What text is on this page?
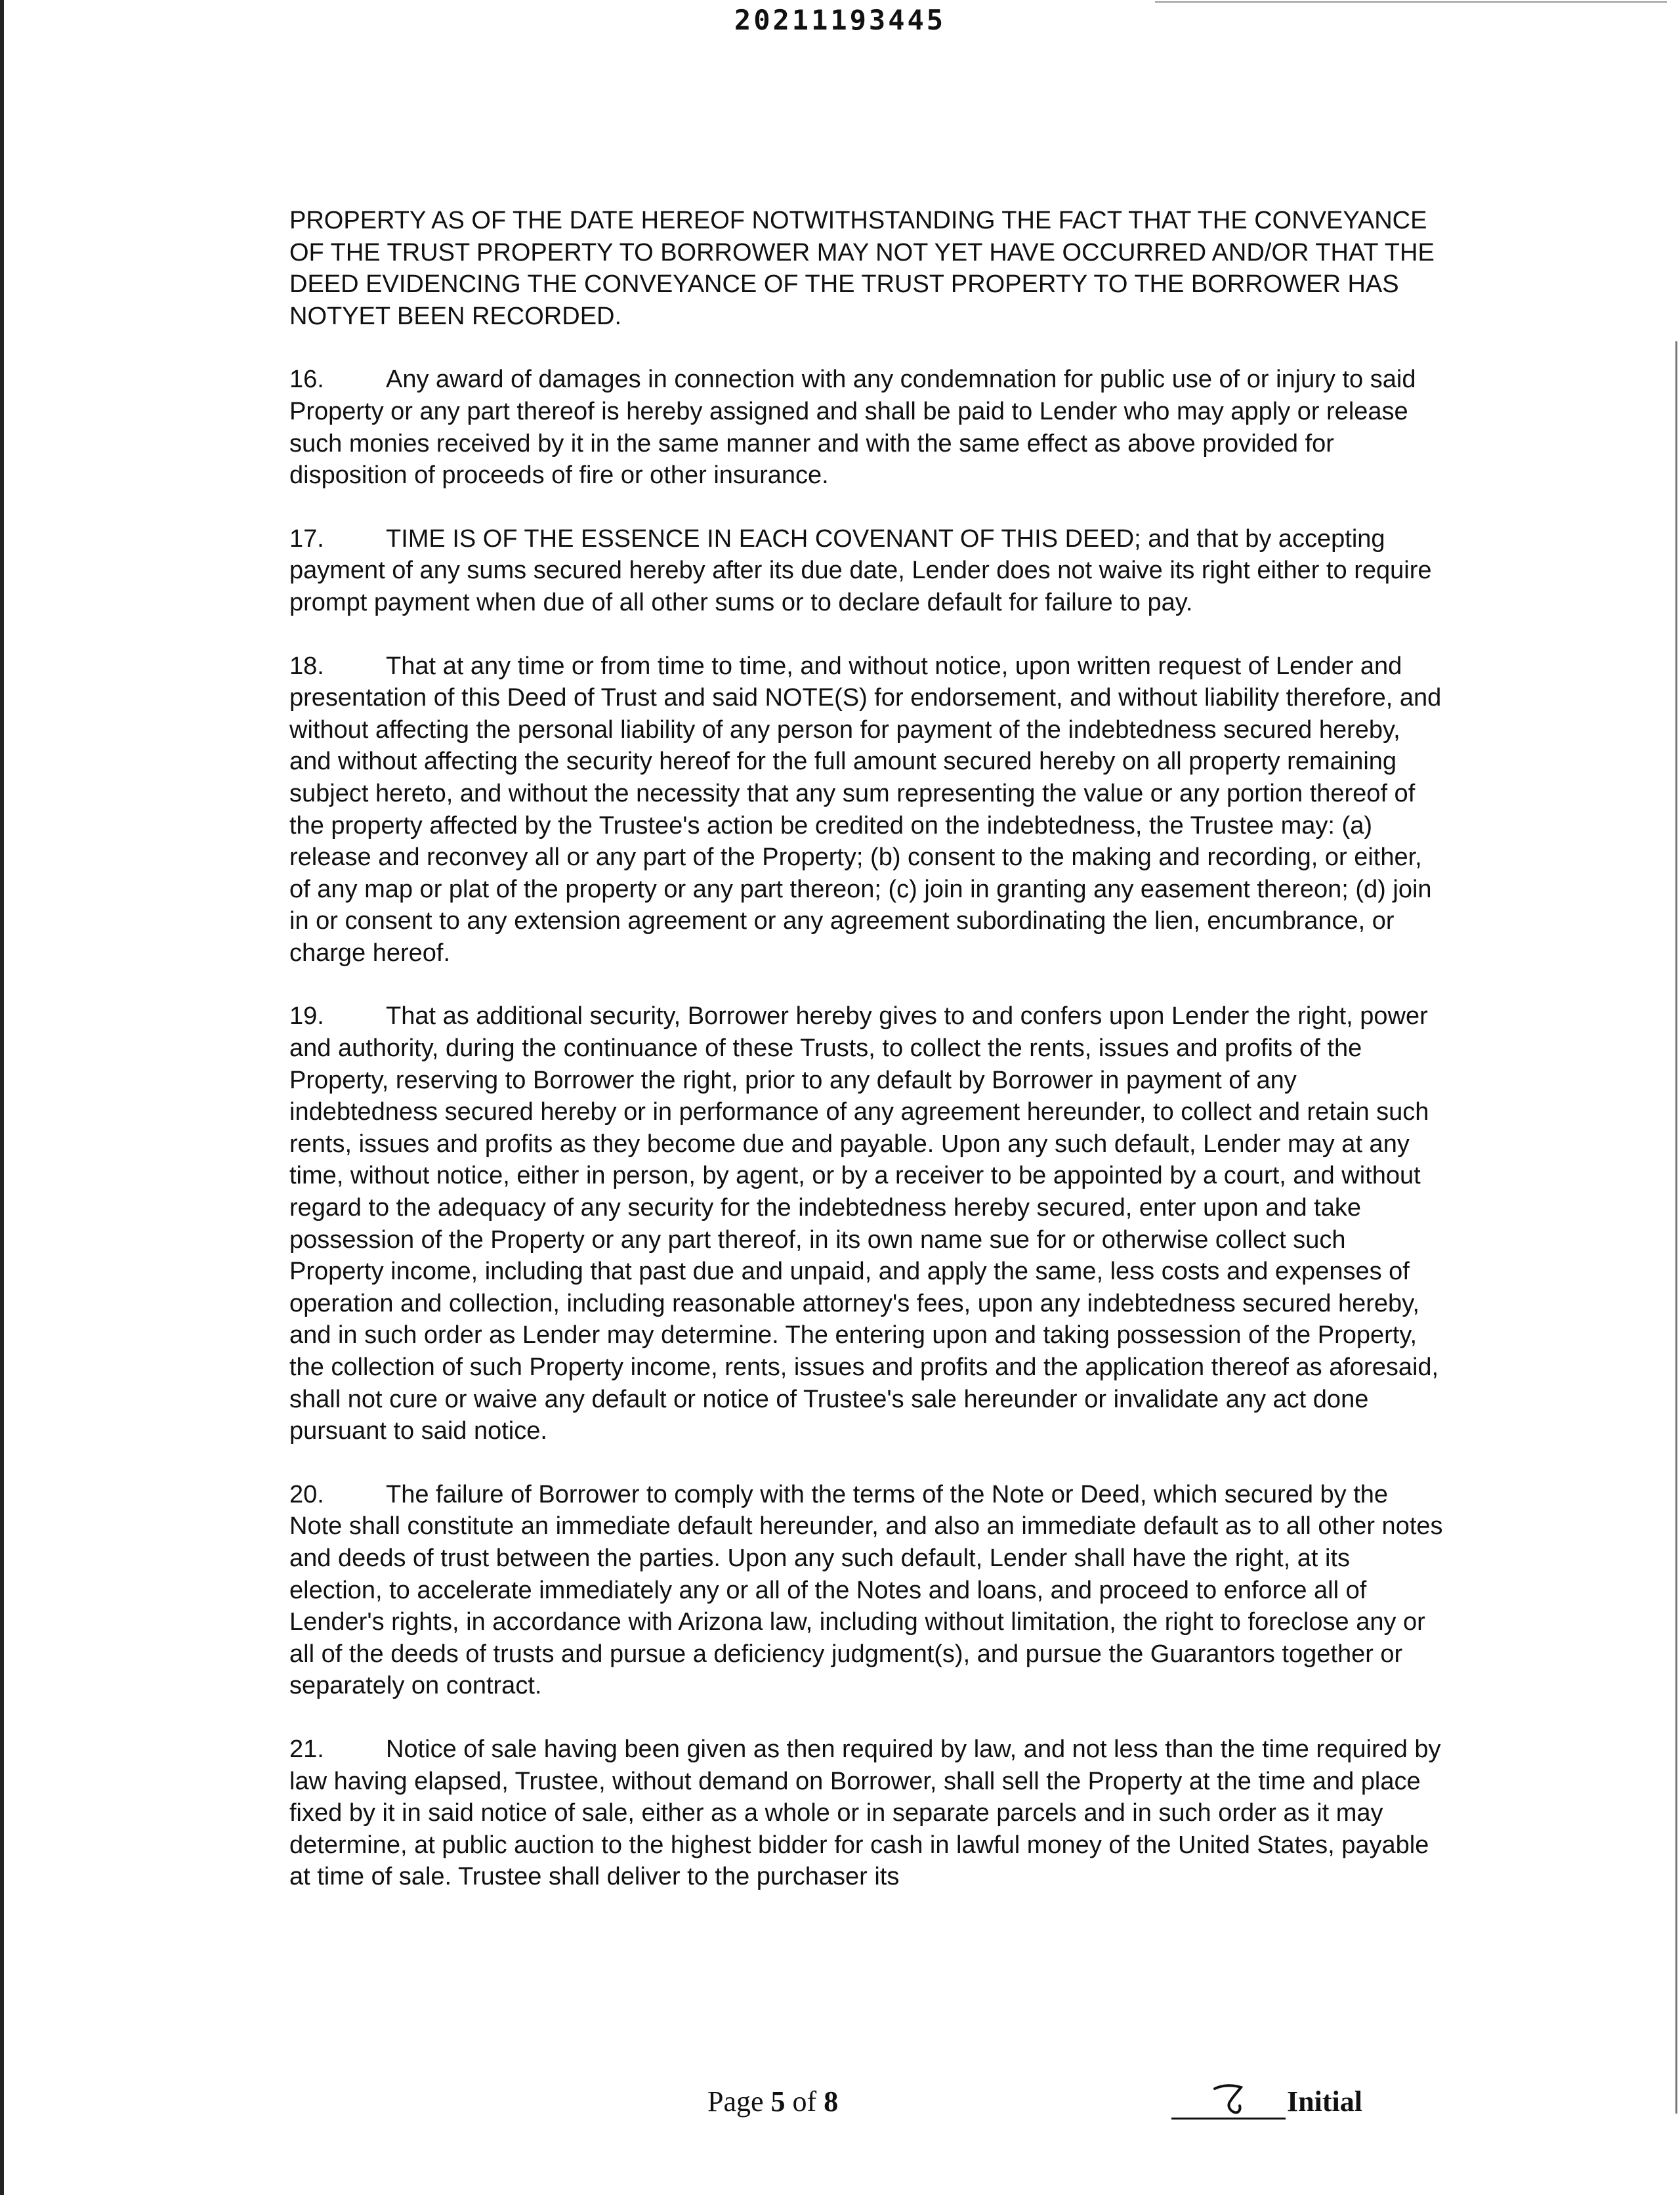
20211193445

PROPERTY AS OF THE DATE HEREOF NOTWITHSTANDING THE FACT THAT THE CONVEYANCE OF THE TRUST PROPERTY TO BORROWER MAY NOT YET HAVE OCCURRED AND/OR THAT THE DEED EVIDENCING THE CONVEYANCE OF THE TRUST PROPERTY TO THE BORROWER HAS NOTYET BEEN RECORDED.

16. Any award of damages in connection with any condemnation for public use of or injury to said Property or any part thereof is hereby assigned and shall be paid to Lender who may apply or release such monies received by it in the same manner and with the same effect as above provided for disposition of proceeds of fire or other insurance.

17. TIME IS OF THE ESSENCE IN EACH COVENANT OF THIS DEED; and that by accepting payment of any sums secured hereby after its due date, Lender does not waive its right either to require prompt payment when due of all other sums or to declare default for failure to pay.

18. That at any time or from time to time, and without notice, upon written request of Lender and presentation of this Deed of Trust and said NOTE(S) for endorsement, and without liability therefore, and without affecting the personal liability of any person for payment of the indebtedness secured hereby, and without affecting the security hereof for the full amount secured hereby on all property remaining subject hereto, and without the necessity that any sum representing the value or any portion thereof of the property affected by the Trustee's action be credited on the indebtedness, the Trustee may: (a) release and reconvey all or any part of the Property; (b) consent to the making and recording, or either, of any map or plat of the property or any part thereon; (c) join in granting any easement thereon; (d) join in or consent to any extension agreement or any agreement subordinating the lien, encumbrance, or charge hereof.

19. That as additional security, Borrower hereby gives to and confers upon Lender the right, power and authority, during the continuance of these Trusts, to collect the rents, issues and profits of the Property, reserving to Borrower the right, prior to any default by Borrower in payment of any indebtedness secured hereby or in performance of any agreement hereunder, to collect and retain such rents, issues and profits as they become due and payable. Upon any such default, Lender may at any time, without notice, either in person, by agent, or by a receiver to be appointed by a court, and without regard to the adequacy of any security for the indebtedness hereby secured, enter upon and take possession of the Property or any part thereof, in its own name sue for or otherwise collect such Property income, including that past due and unpaid, and apply the same, less costs and expenses of operation and collection, including reasonable attorney's fees, upon any indebtedness secured hereby, and in such order as Lender may determine. The entering upon and taking possession of the Property, the collection of such Property income, rents, issues and profits and the application thereof as aforesaid, shall not cure or waive any default or notice of Trustee's sale hereunder or invalidate any act done pursuant to said notice.

20. The failure of Borrower to comply with the terms of the Note or Deed, which secured by the Note shall constitute an immediate default hereunder, and also an immediate default as to all other notes and deeds of trust between the parties. Upon any such default, Lender shall have the right, at its election, to accelerate immediately any or all of the Notes and loans, and proceed to enforce all of Lender's rights, in accordance with Arizona law, including without limitation, the right to foreclose any or all of the deeds of trusts and pursue a deficiency judgment(s), and pursue the Guarantors together or separately on contract.

21. Notice of sale having been given as then required by law, and not less than the time required by law having elapsed, Trustee, without demand on Borrower, shall sell the Property at the time and place fixed by it in said notice of sale, either as a whole or in separate parcels and in such order as it may determine, at public auction to the highest bidder for cash in lawful money of the United States, payable at time of sale. Trustee shall deliver to the purchaser its

Page 5 of 8	Initial
